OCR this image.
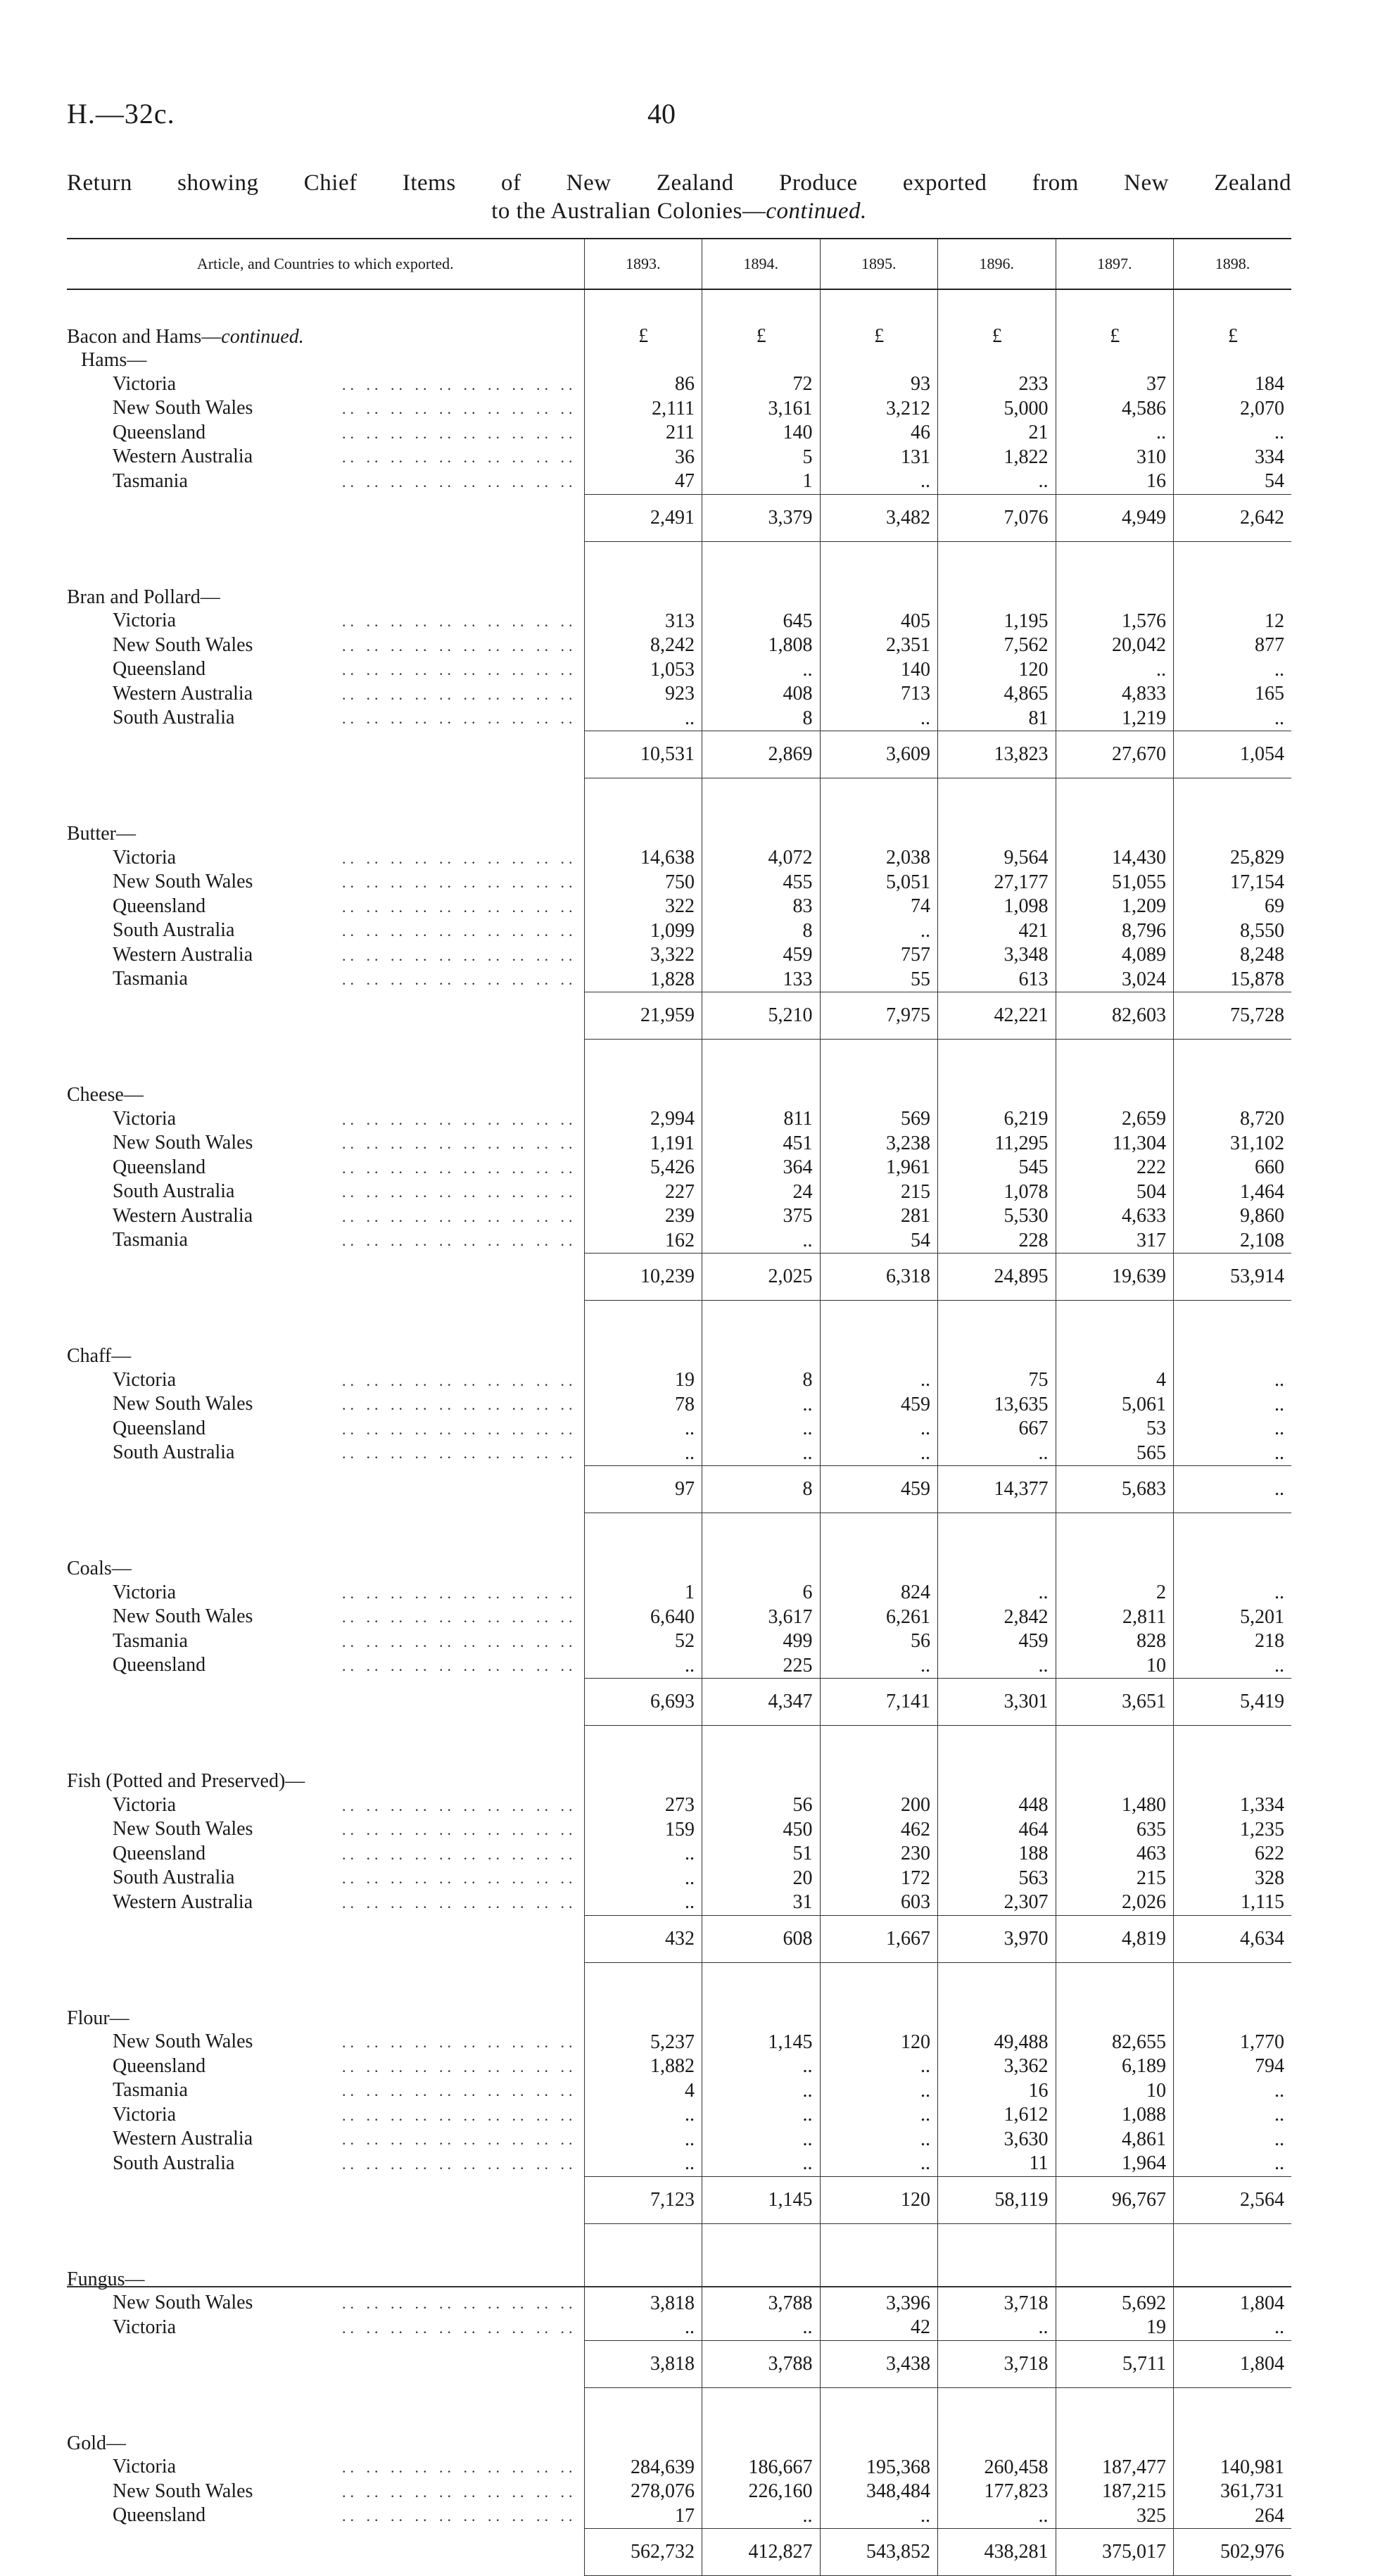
H.—32c.	40
Return showing Chief Items of New Zealand Produce exported from New Zealand
to the Australian Colonies—continued.
Article, and Countries to which exported.	1893.	1894.	1895.	1896.	1897.	1898.
Bacon and Hams—continued.	£	£	£	£	£	£
Hams—						

Victoria .. .. .. .. .. .. .. .. .. ..	86	72	93	233	37	184

New South Wales .. .. .. .. .. .. .. .. .. ..	2,111	3,161	3,212	5,000	4,586	2,070

Queensland .. .. .. .. .. .. .. .. .. ..	211	140	46	21	..	..

Western Australia .. .. .. .. .. .. .. .. .. ..	36	5	131	1,822	310	334

Tasmania .. .. .. .. .. .. .. .. .. ..	47	1	..	..	16	54
	2,491	3,379	3,482	7,076	4,949	2,642

Bran and Pollard—						

Victoria .. .. .. .. .. .. .. .. .. ..	313	645	405	1,195	1,576	12

New South Wales .. .. .. .. .. .. .. .. .. ..	8,242	1,808	2,351	7,562	20,042	877

Queensland .. .. .. .. .. .. .. .. .. ..	1,053	..	140	120	..	..

Western Australia .. .. .. .. .. .. .. .. .. ..	923	408	713	4,865	4,833	165

South Australia .. .. .. .. .. .. .. .. .. ..	..	8	..	81	1,219	..
	10,531	2,869	3,609	13,823	27,670	1,054

Butter—						

Victoria .. .. .. .. .. .. .. .. .. ..	14,638	4,072	2,038	9,564	14,430	25,829

New South Wales .. .. .. .. .. .. .. .. .. ..	750	455	5,051	27,177	51,055	17,154

Queensland .. .. .. .. .. .. .. .. .. ..	322	83	74	1,098	1,209	69

South Australia .. .. .. .. .. .. .. .. .. ..	1,099	8	..	421	8,796	8,550

Western Australia .. .. .. .. .. .. .. .. .. ..	3,322	459	757	3,348	4,089	8,248

Tasmania .. .. .. .. .. .. .. .. .. ..	1,828	133	55	613	3,024	15,878
	21,959	5,210	7,975	42,221	82,603	75,728

Cheese—						

Victoria .. .. .. .. .. .. .. .. .. ..	2,994	811	569	6,219	2,659	8,720

New South Wales .. .. .. .. .. .. .. .. .. ..	1,191	451	3,238	11,295	11,304	31,102

Queensland .. .. .. .. .. .. .. .. .. ..	5,426	364	1,961	545	222	660

South Australia .. .. .. .. .. .. .. .. .. ..	227	24	215	1,078	504	1,464

Western Australia .. .. .. .. .. .. .. .. .. ..	239	375	281	5,530	4,633	9,860

Tasmania .. .. .. .. .. .. .. .. .. ..	162	..	54	228	317	2,108
	10,239	2,025	6,318	24,895	19,639	53,914

Chaff—						

Victoria .. .. .. .. .. .. .. .. .. ..	19	8	..	75	4	..

New South Wales .. .. .. .. .. .. .. .. .. ..	78	..	459	13,635	5,061	..

Queensland .. .. .. .. .. .. .. .. .. ..	..	..	..	667	53	..

South Australia .. .. .. .. .. .. .. .. .. ..	..	..	..	..	565	..
	97	8	459	14,377	5,683	..

Coals—						

Victoria .. .. .. .. .. .. .. .. .. ..	1	6	824	..	2	..

New South Wales .. .. .. .. .. .. .. .. .. ..	6,640	3,617	6,261	2,842	2,811	5,201

Tasmania .. .. .. .. .. .. .. .. .. ..	52	499	56	459	828	218

Queensland .. .. .. .. .. .. .. .. .. ..	..	225	..	..	10	..
	6,693	4,347	7,141	3,301	3,651	5,419

Fish (Potted and Preserved)—						

Victoria .. .. .. .. .. .. .. .. .. ..	273	56	200	448	1,480	1,334

New South Wales .. .. .. .. .. .. .. .. .. ..	159	450	462	464	635	1,235

Queensland .. .. .. .. .. .. .. .. .. ..	..	51	230	188	463	622

South Australia .. .. .. .. .. .. .. .. .. ..	..	20	172	563	215	328

Western Australia .. .. .. .. .. .. .. .. .. ..	..	31	603	2,307	2,026	1,115
	432	608	1,667	3,970	4,819	4,634

Flour—						

New South Wales .. .. .. .. .. .. .. .. .. ..	5,237	1,145	120	49,488	82,655	1,770

Queensland .. .. .. .. .. .. .. .. .. ..	1,882	..	..	3,362	6,189	794

Tasmania .. .. .. .. .. .. .. .. .. ..	4	..	..	16	10	..

Victoria .. .. .. .. .. .. .. .. .. ..	..	..	..	1,612	1,088	..

Western Australia .. .. .. .. .. .. .. .. .. ..	..	..	..	3,630	4,861	..

South Australia .. .. .. .. .. .. .. .. .. ..	..	..	..	11	1,964	..
	7,123	1,145	120	58,119	96,767	2,564

Fungus—						

New South Wales .. .. .. .. .. .. .. .. .. ..	3,818	3,788	3,396	3,718	5,692	1,804

Victoria .. .. .. .. .. .. .. .. .. ..	..	..	42	..	19	..
	3,818	3,788	3,438	3,718	5,711	1,804

Gold—						

Victoria .. .. .. .. .. .. .. .. .. ..	284,639	186,667	195,368	260,458	187,477	140,981

New South Wales .. .. .. .. .. .. .. .. .. ..	278,076	226,160	348,484	177,823	187,215	361,731

Queensland .. .. .. .. .. .. .. .. .. ..	17	..	..	..	325	264
	562,732	412,827	543,852	438,281	375,017	502,976
